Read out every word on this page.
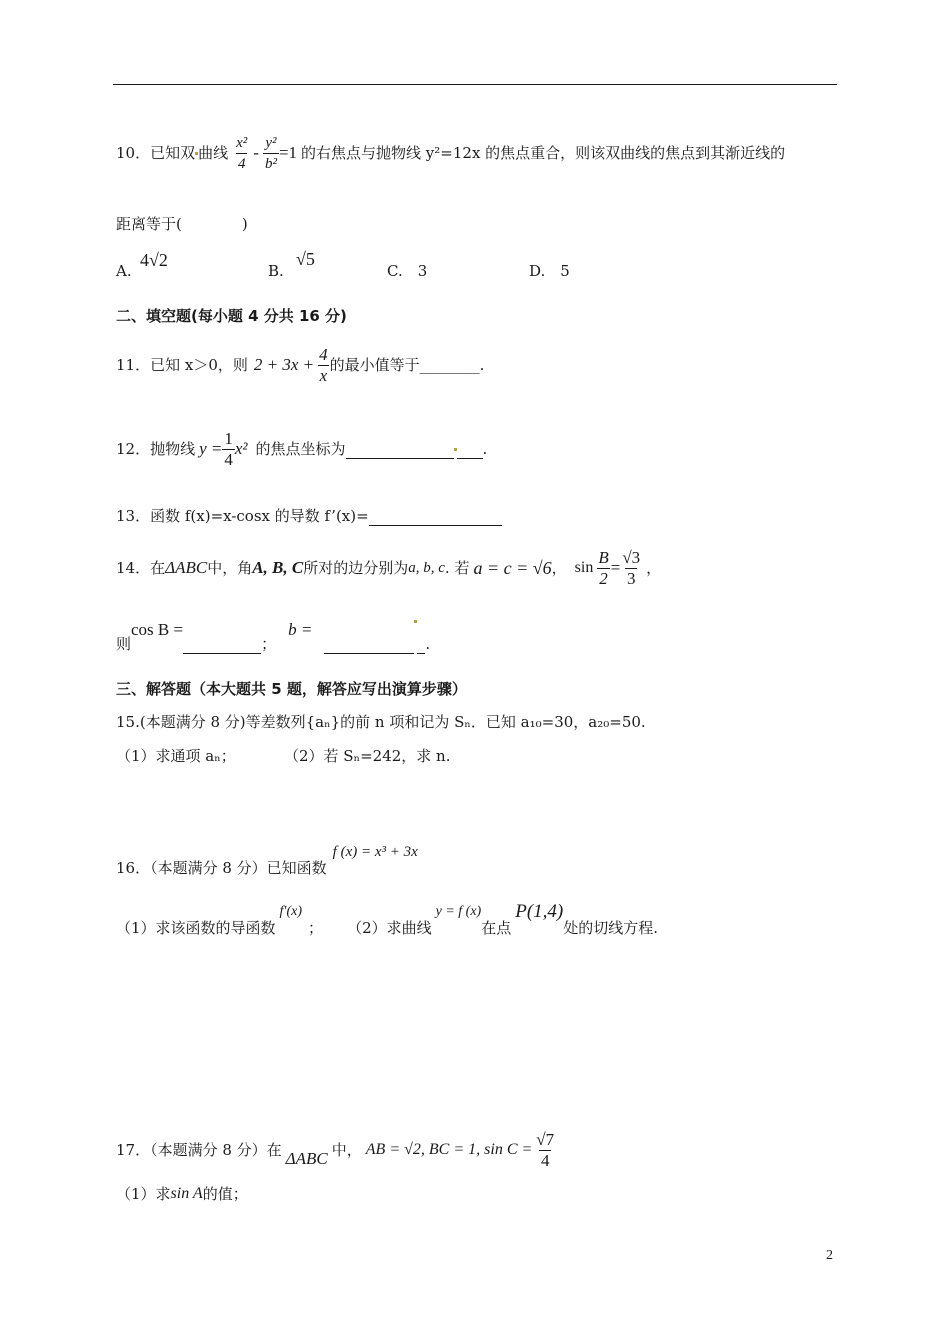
10．已知双 曲线 $\frac{\text{x²}}{4} - \frac{\text{y²}}{\text{b²}} =1$ 的右焦点与抛物线 y²=12x 的焦点重合，则该双曲线的焦点到其渐近线的
距离等于(　　　　)
A.
4√2
B.
√5
C.　3	D.　5
二、填空题(每小题 4 分共 16 分)
11．已知 x＞0，则 $2 + 3x + \frac{4}{x}$ 的最小值等于________.
12．抛物线 $y = \frac{1}{4} x^2$ 的焦点坐标为	.
13．函数 f(x)=x-cosx 的导数 f’(x)=
14．在 ΔABC 中，角 A, B, C 所对的边分别为 a, b, c . 若 a = c = √6 ， $\sin \frac{B}{2} = \frac{√3}{3}$ ，
则
cos B =
；
b =
.
三、解答题（本大题共 5 题，解答应写出演算步骤）
15.(本题满分 8 分)等差数列{aₙ}的前 n 项和记为 Sₙ．已知 a₁₀=30，a₂₀=50.
（1）求通项 aₙ；	（2）若 Sₙ=242，求 n.
16．（本题满分 8 分）已知函数
f (x) = x³ + 3x
（1）求该函数的导函数
f′(x)
； （2）求曲线
y = f (x)
在点
P(1,4)
处的切线方程.
17．（本题满分 8 分）在 ΔABC 中， AB = √2, BC = 1, $\sin C = \frac{√7}{4}$
（1）求 sin A 的值；
2
